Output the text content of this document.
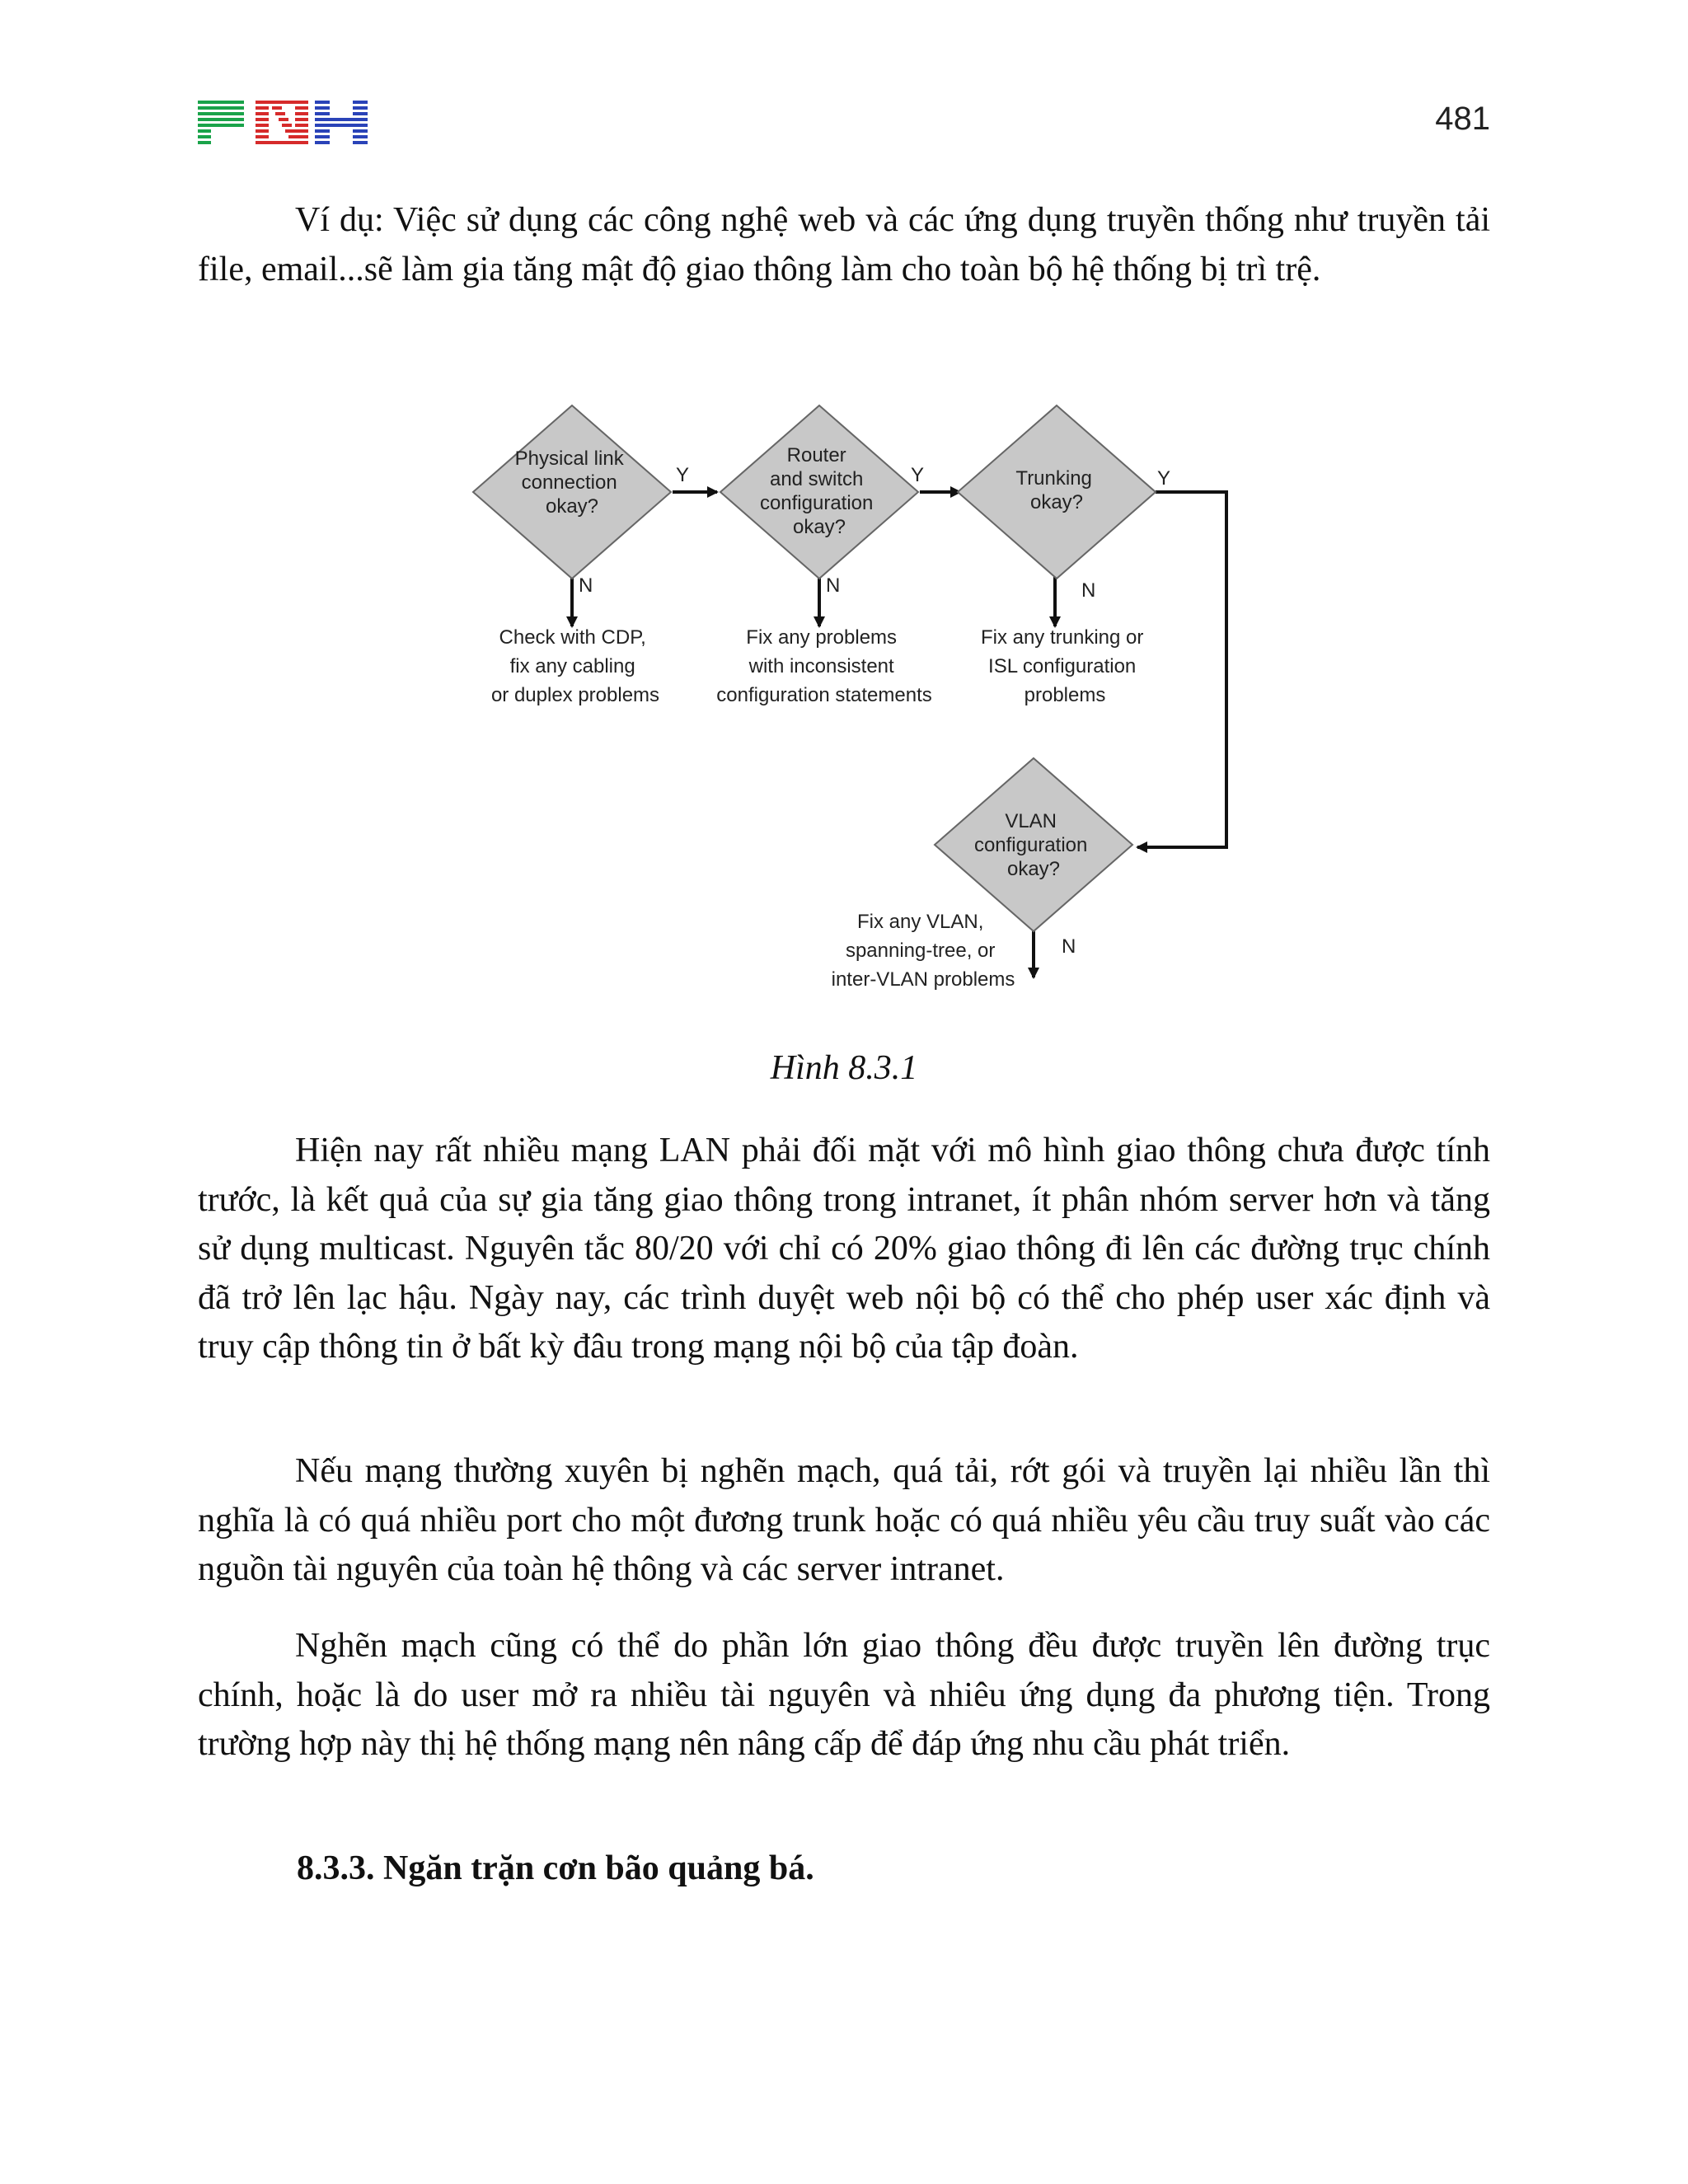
481

Ví dụ: Việc sử dụng các công nghệ web và các ứng dụng truyền thống như truyền tải file, email...sẽ làm gia tăng mật độ giao thông làm cho toàn bộ hệ thống bị trì trệ.

Y	Y	Y
N	N	N
N
Physical link connection okay?
Router and switch configuration okay?
Trunking okay?
VLAN configuration okay?
Check with CDP, fix any cabling or duplex problems
Fix any problems with inconsistent configuration statements
Fix any trunking or ISL configuration problems
Fix any VLAN, spanning-tree, or inter-VLAN problems
Hình 8.3.1

Hiện nay rất nhiều mạng LAN phải đối mặt với mô hình giao thông chưa được tính trước, là kết quả của sự gia tăng giao thông trong intranet, ít phân nhóm server hơn và tăng sử dụng multicast. Nguyên tắc 80/20 với chỉ có 20% giao thông đi lên các đường trục chính đã trở lên lạc hậu. Ngày nay, các trình duyệt web nội bộ có thể cho phép user xác định và truy cập thông tin ở bất kỳ đâu trong mạng nội bộ của tập đoàn.

Nếu mạng thường xuyên bị nghẽn mạch, quá tải, rớt gói và truyền lại nhiều lần thì nghĩa là có quá nhiều port cho một đương trunk hoặc có quá nhiều yêu cầu truy suất vào các nguồn tài nguyên của toàn hệ thông và các server intranet.

Nghẽn mạch cũng có thể do phần lớn giao thông đều được truyền lên đường trục chính, hoặc là do user mở ra nhiều tài nguyên và nhiêu ứng dụng đa phương tiện. Trong trường hợp này thị hệ thống mạng nên nâng cấp để đáp ứng nhu cầu phát triển.

8.3.3. Ngăn trặn cơn bão quảng bá.
